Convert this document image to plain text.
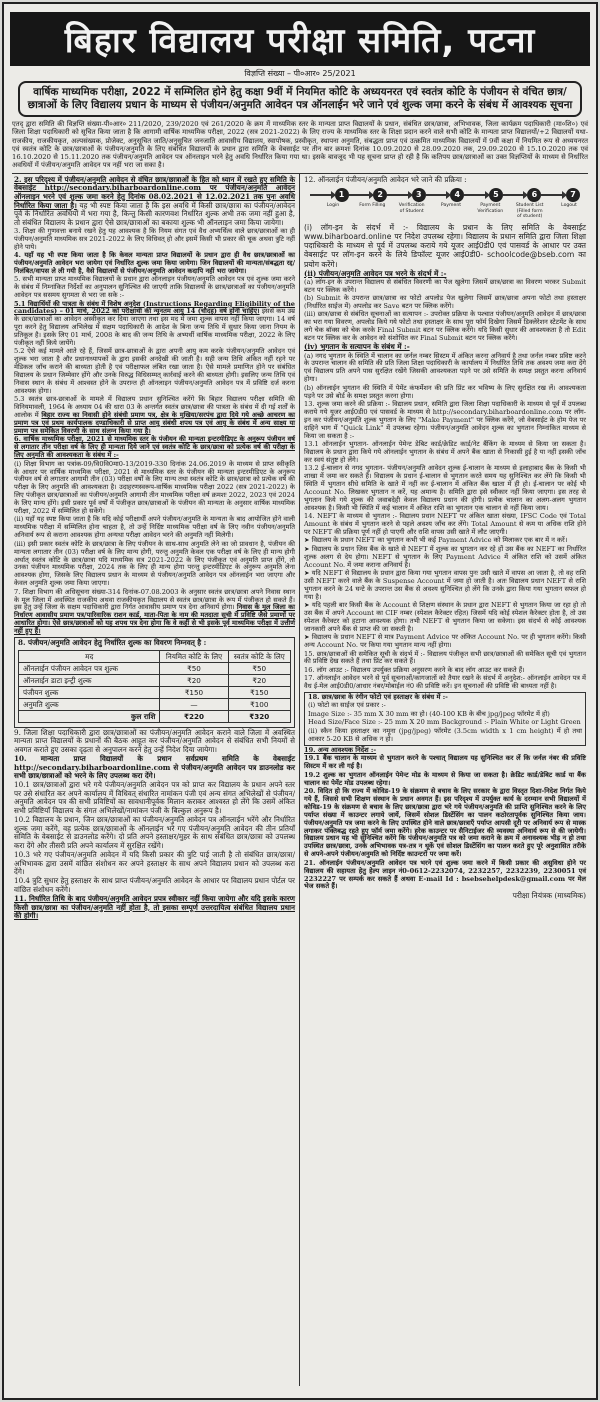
बिहार विद्यालय परीक्षा समिति, पटना
विज्ञप्ति संख्या – पी०आर० 25/2021
वार्षिक माध्यमिक परीक्षा, 2022 में सम्मिलित होने हेतु कक्षा 9वीं में नियमित कोटि के अध्ययनरत एवं स्वतंत्र कोटि के पंजीयन से वंचित छात्र/छात्राओं के लिए विद्यालय प्रधान के माध्यम से पंजीयन/अनुमति आवेदन पत्र ऑनलाईन भरे जाने एवं शुल्क जमा करने के संबंध में आवश्यक सूचना
एतद् द्वारा समिति की विज्ञप्ति संख्या-पी०आर० 211/2020, 239/2020 एवं 261/2020 के क्रम में माध्यमिक स्तर के मान्यता प्राप्त विद्यालयों के प्रधान, संबंधित छात्र/छात्रा, अभिभावक, जिला कार्यक्रम पदाधिकारी (मा०शि०) एवं जिला शिक्षा पदाधिकारी को सूचित किया जाता है कि आगामी वार्षिक माध्यमिक परीक्षा, 2022 (सत्र 2021-2022) के लिए राज्य के माध्यमिक स्तर के शिक्षा प्रदान करने वाले सभी कोटि के मान्यता प्राप्त विद्यालयों/+2 विद्यालयों यथा-राजकीय, राजकीयकृत, अल्पसंख्यक, प्रोजेक्ट, अनुसूचित जाति/अनुसूचित जनजाति आवासीय विद्यालय, स्वापोषक, प्रस्वीकृत, स्थापना अनुमति, संबद्धता प्राप्त एवं उत्क्रमित माध्यमिक विद्यालयों में 9वीं कक्षा में नियमित रूप से अध्ययनरत एवं स्वतंत्र कोटि के छात्र/छात्राओं के पंजीयन/अनुमति के लिए संबंधित विद्यालयों के प्रधान द्वारा समिति के वेबसाईट पर तीन बार क्रमशः दिनांक 10.09.2020 से 28.09.2020 तक, 29.09.2020 से 15.10.2020 तक एवं 16.10.2020 से 15.11.2020 तक पंजीयन/अनुमति आवेदन पत्र ऑनलाइन भरने हेतु अवधि निर्धारित किया गया था। इसके बावजूद भी यह सूचना प्राप्त हो रही है कि कतिपय छात्र/छात्राओं का उक्त विज्ञप्तियों के माध्यम से निर्धारित अवधियों में पंजीयन/अनुमति आवेदन पत्र नहीं भरा जा सका है।

2. इस परिदृश्य में पंजीयन/अनुमति आवेदन से वंचित छात्र/छात्राओं के हित को ध्यान में रखते हुए समिति के वेबसाईट http://secondary.biharboardonline.com पर पंजीयन/अनुमति आवेदन ऑनलाइन भरने एवं शुल्क जमा करने हेतु दिनांक 08.02.2021 से 12.02.2021 तक पुनः अवधि निर्धारित किया जाता है। यह भी स्पष्ट किया जाता है कि इस अवधि में किसी छात्र/छात्रा का पंजीयन/आवेदन पूर्व के निर्धारित अवधियों में भरा गया है, किन्तु किसी कारणवश निर्धारित शुल्क अभी तक जमा नहीं हुआ है, तो संबंधित विद्यालय के प्रधान द्वारा ऐसे छात्र/छात्राओं का बकाया शुल्क भी ऑनलाइन जमा किया जायेगा।

3. शिक्षा की गुणवत्ता बनाये रखने हेतु यह आवश्यक है कि नियम संगत एवं वैध अभ्यर्थित्व वाले छात्र/छात्राओं का ही पंजीयन/अनुमति माध्यमिक सत्र 2021-2022 के लिए विधिवत् हो और इसमें किसी भी प्रकार की चूक अथवा त्रुटि नहीं होने पाये।

4. यहाँ यह भी स्पष्ट किया जाता है कि केवल मान्यता प्राप्त विद्यालयों के प्रधान द्वारा ही वैध छात्र/छात्राओं का पंजीयन/अनुमति आवेदन भरा जायेगा एवं निर्धारित शुल्क जमा किया जायेगा। जिन विद्यालयों की मान्यता/संबद्धता रद्द/निलंबित/वापस ले ली गयी है, वैसे विद्यालयों से पंजीयन/अनुमति आवेदन कदापि नहीं भरा जायेगा।

5. सभी मान्यता प्राप्त माध्यमिक विद्यालयों के प्रधान द्वारा ऑनलाइन पंजीयन/अनुमति आवेदन पत्र एवं शुल्क जमा करने के संबंध में निम्नांकित निर्देशों का अनुपालन सुनिश्चित की जाएगी ताकि विद्यालयों के छात्र/छात्राओं का पंजीयन/अनुमति आवेदन पत्र ससमय सुगमता से भरा जा सके :-

5.1 विद्यार्थियों की पात्रता के संबंध में विशेष अनुदेश (Instructions Regarding Eligibility of the candidates) – 01 मार्च, 2022 को परीक्षार्थी की न्यूनतम आयु 14 (चौदह) वर्ष होनी चाहिए। इससे कम उम्र के छात्र/छात्राओं का आवेदन अस्वीकृत कर दिया जाएगा तथा इस मद में जमा शुल्क वापस नहीं किया जाएगा। 14 वर्ष पूरा करने हेतु विद्यालय अभिलेख में सक्षम पदाधिकारी के आदेश के बिना जन्म तिथि में सुधार किया जाना नियम के प्रतिकूल है। इसके लिए 01 मार्च, 2008 के बाद की जन्म तिथि के अभ्यर्थी वार्षिक माध्यमिक परीक्षा, 2022 के लिए पंजीकृत नहीं किये जायेंगे।

5.2 ऐसे कई मामले आते रहे हैं, जिसमें छात्र-छात्राओं के द्वारा अपनी आयु कम करके पंजीयन/अनुमति आवेदन एवं शुल्क भरा जाता है और प्रधानाध्यापकों के द्वारा इसकी अनदेखी की जाती है। सही जन्म तिथि अंकित नहीं रहने पर मेडिकल जाँच कराने की बाध्यता होती है एवं परीक्षाफल लंबित रखा जाता है। ऐसे मामले प्रमाणित होने पर संबंधित विद्यालय के प्रधान जिम्मेवार होंगे और उनके विरुद्ध विधिसम्मत् कार्रवाई करने की बाध्यता होगी। इसलिए जन्म तिथि एवं निवास स्थान के संबंध में आश्वस्त होने के उपरान्त ही ऑनलाइन पंजीयन/अनुमति आवेदन पत्र में प्रविष्टि दर्ज करना आवश्यक होगा।

5.3 स्वतंत्र छात्र-छात्राओं के मामले में विद्यालय प्रधान सुनिश्चित करेंगे कि बिहार विद्यालय परीक्षा समिति की विनियमावली, 1964 के अध्याय 04 की धारा 03 के अन्तर्गत स्वतंत्र छात्र/छात्रा की पात्रता के संबंध में दी गई शर्तों के आलोक में बिहार राज्य का निवासी होने संबंधी प्रमाण पत्र, क्षेत्र के मुखिया/सरपंच द्वारा दिये गये अच्छे आचरण का प्रमाण पत्र एवं प्रथम कार्यपालक दण्डाधिकारी से प्राप्त आयु संबंधी शपथ पत्र एवं आयु के संबंध में अन्य साक्ष्य या प्रमाण पत्र समेकित विवरणी के साथ संलग्न किया गया है।

6. वार्षिक माध्यमिक परीक्षा, 2021 से माध्यमिक स्तर के पंजीयन की मान्यता इन्टरमीडिएट के अनुरूप पंजीयन वर्ष से लगातार तीन परीक्षा वर्ष के लिए ही मान्यता दिये जाने एवं स्वतंत्र कोटि के छात्र/छात्रा को प्रत्येक वर्ष की परीक्षा के लिए अनुमति की आवश्यकता के संबंध में :-

(i) शिक्षा विभाग का पत्रांक-09/वि0वि0मा0-13/2019-330 दिनांक 24.06.2019 के माध्यम से प्राप्त स्वीकृति के आधार पर वार्षिक माध्यमिक परीक्षा, 2021 से माध्यमिक स्तर के पंजीयन की मान्यता इन्टरमीडिएट के अनुरूप पंजीयन वर्ष से लगातार आगामी तीन (03) परीक्षा वर्षों के लिए मान्य तथा स्वतंत्र कोटि के छात्र/छात्रा को प्रत्येक वर्ष की परीक्षा के लिए अनुमति की आवश्यकता है। उदाहरणस्वरूप-वार्षिक माध्यमिक परीक्षा 2022 (सत्र 2021-2022) के लिए पंजीकृत छात्र/छात्राओं का पंजीयन/अनुमति आगामी तीन माध्यमिक परीक्षा वर्ष क्रमशः 2022, 2023 एवं 2024 के लिए मान्य होंगे। इसी प्रकार पूर्व वर्षों में पंजीकृत छात्र/छात्राओं के पंजीयन की मान्यता के अनुसार वार्षिक माध्यमिक परीक्षा, 2022 में सम्मिलित हो सकेंगे।

(ii) यहाँ यह स्पष्ट किया जाता है कि यदि कोई परीक्षार्थी अपने पंजीयन/अनुमति के मान्यता के बाद आयोजित होने वाली माध्यमिक परीक्षा में सम्मिलित होना चाहता है, तो उन्हें निर्दिष्ट माध्यमिक परीक्षा वर्ष के लिए नवीन पंजीयन/अनुमति अनिवार्य रूप से कराना आवश्यक होगा अन्यथा परीक्षा आवेदन भरने की अनुमति नहीं मिलेगी।

(iii) इसी प्रकार स्वतंत्र कोटि के छात्र/छात्रा के लिए पंजीयन के साथ-साथ अनुमति लेने का जो प्रावधान है, पंजीयन की मान्यता लगातार तीन (03) परीक्षा वर्ष के लिए मान्य होगी, परन्तु अनुमति केवल एक परीक्षा वर्ष के लिए ही मान्य होगी अर्थात् स्वतंत्र कोटि के छात्र/छात्रा यदि माध्यमिक सत्र 2021-2022 के लिए पंजीकृत एवं अनुमति प्राप्त होंगे, तो उनका पंजीयन माध्यमिक परीक्षा, 2024 तक के लिए ही मान्य होगा परन्तु इन्टरमीडिएट के अनुरूप अनुमति लेना आवश्यक होगा, जिसके लिए विद्यालय प्रधान के माध्यम से पंजीयन/अनुमति आवेदन पत्र ऑनलाईन भरा जाएगा और केवल अनुमति शुल्क जमा किया जाएगा।

7. शिक्षा विभाग की अधिसूचना संख्या-314 दिनांक-07.08.2003 के अनुसार स्वतंत्र छात्र/छात्रा अपने निवास स्थान के मूल जिला में अवस्थित राजकीय अथवा राजकीयकृत विद्यालय से स्वतंत्र छात्र/छात्रा के रूप में पंजीकृत हो सकते हैं। इस हेतु उन्हें जिला के सक्षम पदाधिकारी द्वारा निर्गत आवासीय प्रमाण पत्र देना अनिवार्य होगा। निवास के मूल जिला का निर्धारण आवासीय प्रमाण पत्र/पारिवारिक राशन कार्ड, माता-पिता के नाम की मतदाता सूची में प्रविष्टि जैसे प्रमाणों पर आधारित होगा। ऐसे छात्र/छात्राओं को यह शपथ पत्र देना होगा कि वे कहीं से भी इसके पूर्व माध्यमिक परीक्षा में उत्तीर्ण नहीं हुए हैं।

8. पंजीयन/अनुमति आवेदन हेतु निर्धारित शुल्क का विवरण निम्नवत् है :

मद	नियमित कोटि के लिए	स्वतंत्र कोटि के लिए
ऑनलाईन पंजीयन आवेदन पत्र शुल्क	₹50	₹50
ऑनलाईन डाटा इन्ट्री शुल्क	₹20	₹20
पंजीयन शुल्क	₹150	₹150
अनुमति शुल्क	—	₹100
कुल राशि	₹220	₹320

9. जिला शिक्षा पदाधिकारी द्वारा छात्र/छात्राओं का पंजीयन/अनुमति आवेदन कराने वाले जिला में अवस्थित मान्यता प्राप्त विद्यालयों के प्रधानों की बैठक आहूत कर पंजीयन/अनुमति आवेदन से संबंधित सभी नियमों से अवगत कराते हुए उसका दृढ़ता से अनुपालन करने हेतु उन्हें निदेश दिया जायेगा।

10. मान्यता प्राप्त विद्यालयों के प्रधान सर्वप्रथम समिति के वेबसाईट http://secondary.biharboardonline.com से पंजीयन/अनुमति आवेदन पत्र डाउनलोड कर सभी छात्र/छात्राओं को भरने के लिए उपलब्ध करा देंगे।

10.1 छात्र/छात्राओं द्वारा भरे गये पंजीयन/अनुमति आवेदन पत्र को प्राप्त कर विद्यालय के प्रधान अपने स्तर पर उसे संधारित कर अपने कार्यालय में विधिवत् संधारित नामांकन पंजी एवं अन्य संगत अभिलेखों से पंजीयन/अनुमति आवेदन पत्र की सभी प्रविष्टियों का सावधानीपूर्वक मिलान कराकर आश्वस्त हो लेंगे कि उसमें अंकित सभी प्रविष्टियाँ विद्यालय के संगत अभिलेखों/नामांकन पंजी के बिल्कुल अनुरूप है।

10.2 विद्यालय के प्रधान, जिन छात्र/छात्राओं का पंजीयन/अनुमति आवेदन पत्र ऑनलाईन भरेंगे और निर्धारित शुल्क जमा करेंगे, वह प्रत्येक छात्र/छात्राओं के ऑनलाईन भरे गए पंजीयन/अनुमति आवेदन की तीन प्रतियाँ समिति के वेबसाईट से डाउनलोड करेंगे। दो प्रति अपने हस्ताक्षर/मुहर के साथ संबंधित छात्र/छात्रा को उपलब्ध करा देंगे और तीसरी प्रति अपने कार्यालय में सुरक्षित रखेंगे।

10.3 भरे गए पंजीयन/अनुमति आवेदन में यदि किसी प्रकार की त्रुटि पाई जाती है तो संबंधित छात्र/छात्रा/अभिभावक द्वारा उसमें वांछित संशोधन कर अपने हस्ताक्षर के साथ अपने विद्यालय प्रधान को उपलब्ध करा देंगे।

10.4 त्रुटि सुधार हेतु हस्ताक्षर के साथ प्राप्त पंजीयन/अनुमति आवेदन के आधार पर विद्यालय प्रधान पोर्टल पर वांछित संशोधन करेंगे।

11. निर्धारित तिथि के बाद पंजीयन/अनुमति आवेदन प्रपत्र स्वीकार नहीं किया जायेगा और यदि इसके कारण किसी छात्र/छात्रा का पंजीयन/अनुमति नहीं होता है, तो इसका सम्पूर्ण उत्तरदायित्व संबंधित विद्यालय प्रधान की होगी।

12. ऑनलाईन पंजीयन/अनुमति आवेदन भरे जाने की प्रक्रिया :

1	2	3	4	5	6	7
Login	Form Filling	Verification of Student
Payment	Payment Verification
Student List (Filled form of student)
Logout

(i) लॉग-इन के संदर्भ में :- विद्यालय के प्रधान के लिए समिति के वेबसाईट www.biharboard.online पर निदेश उपलब्ध रहेगा। विद्यालय के प्रधान समिति द्वारा जिला शिक्षा पदाधिकारी के माध्यम से पूर्व में उपलब्ध कराये गये यूजर आई0डी0 एवं पासवर्ड के आधार पर उक्त वेबसाईट पर लॉग-इन करने के लिये डिफॉल्ट यूजर आई0डी0- schoolcode@bseb.com का प्रयोग करेंगे।

(ii) पंजीयन/अनुमति आवेदन पत्र भरने के संदर्भ में :-

(a) लॉग-इन के उपरान्त विद्यालय से संबंधित विवरणी का पेज खुलेगा जिसमें छात्र/छात्रा का विवरण भरकर Submit बटन पर क्लिक करेंगे।

(b) Submit के उपरान्त छात्र/छात्रा का फोटो अपलोड पेज खुलेगा जिसमें छात्र/छात्रा अपना फोटो तथा हस्ताक्षर (निर्धारित साईज में) अपलोड कर Save बटन पर क्लिक करेंगे।

(iii) छात्र/छात्रा से संबंधित सूचनाओं का सत्यापन :- उपरोक्त प्रक्रिया के पश्चात पंजीयन/अनुमति आवेदन में छात्र/छात्रा का भरा गया विवरण, अपलोड किये गये फोटो तथा हस्ताक्षर के साथ पूरा फॉर्म दिखेगा जिसमें डिक्लेरेशन स्टेटमेंट के साथ लगे चेक बॉक्स को चेक करके Final Submit बटन पर क्लिक करेंगे। यदि किसी सुधार की आवश्यकता है तो Edit बटन पर क्लिक कर के आवेदन को संशोधित कर Final Submit बटन पर क्लिक करेंगे।

(iv) भुगतान के सत्यापन के संबंध में :-

(a) नगद भुगतान के स्थिति में चालान का जर्नल नम्बर सिस्टम में अंकित करना अनिवार्य है तथा जर्नल नम्बर प्रविष्ट करने के उपरान्त चालान की समिति की प्रति जिला शिक्षा पदाधिकारी के कार्यालय में निर्धारित तिथि तक अवश्य जमा करा देंगे एवं विद्यालय प्रति अपने पास सुरक्षित रखेंगे जिसकी आवश्यकता पड़ने पर उसे समिति के समक्ष प्रस्तुत करना अनिवार्य होगा।

(b) ऑनलाईन भुगतान की स्थिति में पेमेंट कंफर्मेशन की प्रति प्रिंट कर भविष्य के लिए सुरक्षित रख लें। आवश्यकता पड़ने पर उसे बोर्ड के समक्ष प्रस्तुत करना होगा।

13. शुल्क जमा करने की प्रक्रिया :- विद्यालय प्रधान, समिति द्वारा जिला शिक्षा पदाधिकारी के माध्यम से पूर्व में उपलब्ध कराये गये यूजर आई0डी0 एवं पासवर्ड के माध्यम से http://secondary.biharboardonline.com पर लॉग-इन कर पंजीयन/अनुमति शुल्क भुगतान के लिए "Make Payment" पर क्लिक करेंगे, जो वेबसाईट के होम पेज पर दाहिने भाग में "Quick Link" में उपलब्ध रहेगा। पंजीयन/अनुमति आवेदन शुल्क का भुगतान निम्नांकित माध्यम से किया जा सकता है :-

13.1 ऑनलाईन भुगतान- ऑनलाईन पेमेन्ट डेबिट कार्ड/क्रेडिट कार्ड/नेट बैंकिंग के माध्यम से किया जा सकता है। विद्यालय के प्रधान द्वारा किये गये ऑनलाईन भुगतान के संबंध में अपने बैंक खाता से निकासी हुई है या नहीं इसकी जाँच कर स्वयं संतुष्ट हो लेंगे।

13.2 ई-चालान से नगद भुगतान- पंजीयन/अनुमति आवेदन शुल्क ई-चालान के माध्यम से इलाहाबाद बैंक के किसी भी शाखा में जमा कर सकते हैं। विद्यालय के प्रधान ई-चालान से भुगतान करते समय यह सुनिश्चित कर लेंगे कि किसी भी स्थिति में भुगतान सीधे समिति के खाते में नहीं कर ई-चालान में अंकित बैंक खाता में ही हो। ई-चालान पर कोई भी Account No. लिखकर भुगतान न करें, यह अमान्य है। समिति द्वारा इसे स्वीकार नहीं किया जाएगा। इस तरह से भुगतान किये गये शुल्क की जवाबदेही केवल विद्यालय प्रधान की होगी। प्रत्येक चालान का अलग-अलग भुगतान आवश्यक है। किसी भी स्थिति में कई चालान में अंकित राशि का भुगतान एक चालान से नहीं किया जाय।

14. NEFT के माध्यम से भुगतान :- विद्यालय प्रधान NEFT पर अंकित खाता संख्या, IFSC Code एवं Total Amount के संबंध में भुगतान करने से पहले अवश्य जाँच कर लेंगे। Total Amount से कम या अधिक राशि होने पर NEFT की प्रक्रिया पूर्ण नहीं हो पाएगी और राशि वापस उसी खाते में लौट जाएगी।

➤ विद्यालय के प्रधान NEFT का भुगतान कभी भी कई Payment Advice को मिलाकर एक बार में न करें।

➤ विद्यालय के प्रधान जिस बैंक के खाते से NEFT में शुल्क का भुगतान कर रहे हों उस बैंक का NEFT का निर्धारित शुल्क अलग से देय होगा। NEFT से भुगतान के लिए Payment Advice में अंकित राशि को उसमें अंकित Account No. में जमा कराना अनिवार्य है।

➤ यदि NEFT से विद्यालय के प्रधान द्वारा किया गया भुगतान वापस पुनः उसी खाते में वापस आ जाता है, तो वह राशि उसी NEFT करने वाले बैंक के Suspense Account में जमा हो जाती है। अतः विद्यालय प्रधान NEFT से राशि भुगतान करने के 24 घन्टे के उपरान्त उस बैंक से अवश्य सुनिश्चित हो लेंगे कि उनके द्वारा किया गया भुगतान सफल हो गया है।

➤ यदि पहली बार किसी बैंक के Account से शिक्षण संस्थान के प्रधान द्वारा NEFT से भुगतान किया जा रहा हो तो उस बैंक में अपने Account का CIF नम्बर (स्पेशल कैरेक्टर रहित) जिसमें यदि कोई स्पेशल कैरेक्टर होता है, तो उस स्पेशल कैरेक्टर को हटाना आवश्यक होगा। तभी NEFT से भुगतान किया जा सकेगा। इस संदर्भ से कोई आवश्यक जानकारी अपने बैंक से प्राप्त की जा सकती है।

➤ विद्यालय के प्रधान NEFT से मात्र Payment Advice पर अंकित Account No. पर ही भुगतान करेंगे। किसी अन्य Account No. पर किया गया भुगतान मान्य नहीं होगा।

15. छात्र/छात्राओं की समेकित सूची के संदर्भ में :- विद्यालय पंजीकृत सभी छात्र/छात्राओं की समेकित सूची एवं भुगतान की प्रविष्टि देख सकते हैं तथा प्रिंट कर सकते हैं।

16. लॉग आउट :- विद्यालय उपर्युक्त प्रक्रिया अनुसरण करने के बाद लॉग आउट कर सकते हैं।

17. ऑनलाईन आवेदन भरने से पूर्व सूचनाओं/कागजातों को तैयार रखने के संदर्भ में अनुदेश:- ऑनलाईन आवेदन पत्र में वैध ई-मेल आई0डी0/आधार नंबर/मोबाईल नं0 की प्रविष्टि करें। इन सूचनाओं की प्रविष्टि की बाध्यता नहीं है।

18. छात्र/छात्रा के रंगीन फोटो एवं हस्ताक्षर के संबंध में :-

(i) फोटो का साईज एवं प्रकार :-

Image Size :- 35 mm X 30 mm का हो। (40-100 KB के बीच jpg/jpeg फॉरमेट में हो)

Head Size/Face Size :- 25 mm X 20 mm Background :- Plain White or Light Green

(ii) स्कैन किया हस्ताक्षर का नमूना (jpg/jpeg) फॉरमेट (3.5cm width x 1 cm height) में हो तथा आकार 5-20 KB से अधिक न हो।

19. अन्य आवश्यक निर्देश :-

19.1 बैंक चालान के माध्यम से भुगतान करने के पश्चात् विद्यालय यह सुनिश्चित कर लें कि जर्नल नंबर की प्रविष्टि सिस्टम में कर ली गई है।

19.2 शुल्क का भुगतान ऑनलाईन पेमेन्ट मोड के माध्यम से किया जा सकता है। क्रेडिट कार्ड/डेबिट कार्ड या बैंक चालान का पेमेंट मोड उपलब्ध रहेगा।

20. विदित हो कि राज्य में कोविड-19 के संक्रमण से बचाव के लिए सरकार के द्वारा विस्तृत दिशा-निदेश निर्गत किये गये हैं, जिससे सभी शिक्षण संस्थान के प्रधान अवगत हैं। इस परिदृश्य में उपर्युक्त कार्य के दरम्यान सभी विद्यालयों में कोविड-19 के संक्रमण से बचाव के लिए छात्र/छात्रा द्वारा भरे गये पंजीयन/अनुमति की प्राप्ति सुनिश्चित करने के लिए पर्याप्त संख्या में काउन्टर लगाये जायें, जिसमें सोशल डिस्टेंसिंग का पालन कठोरतापूर्वक सुनिश्चित किया जाय। पंजीयन/अनुमति पत्र जमा करने के लिए उपस्थित होने वाले छात्र/छात्राएँ पर्याप्त आपसी दूरी पर अनिवार्य रूप से मास्क लगाकर पंक्तिबद्ध रहते हुए फॉर्म जमा करेंगे। हरेक काउन्टर पर सैनिटाईजर की व्यवस्था अनिवार्य रूप से की जायेगी। विद्यालय प्रधान यह भी सुनिश्चित करेंगे कि पंजीयन/अनुमति पत्र को जमा कराने के क्रम में अनावश्यक भीड़ न हो तथा उपस्थित छात्र/छात्रा, उनके अभिभावक यत्र-तत्र न थूकें एवं सोशल डिस्टेंसिंग का पालन करते हुए पूरे अनुशासित तरीके से अपने-अपने पंजीयन/अनुमति को निर्दिष्ट काउन्टरों पर जमा करें।

21. ऑनलाईन पंजीयन/अनुमति आवेदन पत्र भरने एवं शुल्क जमा करने में किसी प्रकार की असुविधा होने पर विद्यालय की सहायता हेतु हेल्प लाइन नं0-0612-2232074, 2232257, 2232239, 2230051 एवं 2232227 पर सम्पर्क कर सकते हैं अथवा E-mail Id : bsebsehelpdesk@gmail.com पर मेल भेज सकते हैं।

परीक्षा नियंत्रक (माध्यमिक)
